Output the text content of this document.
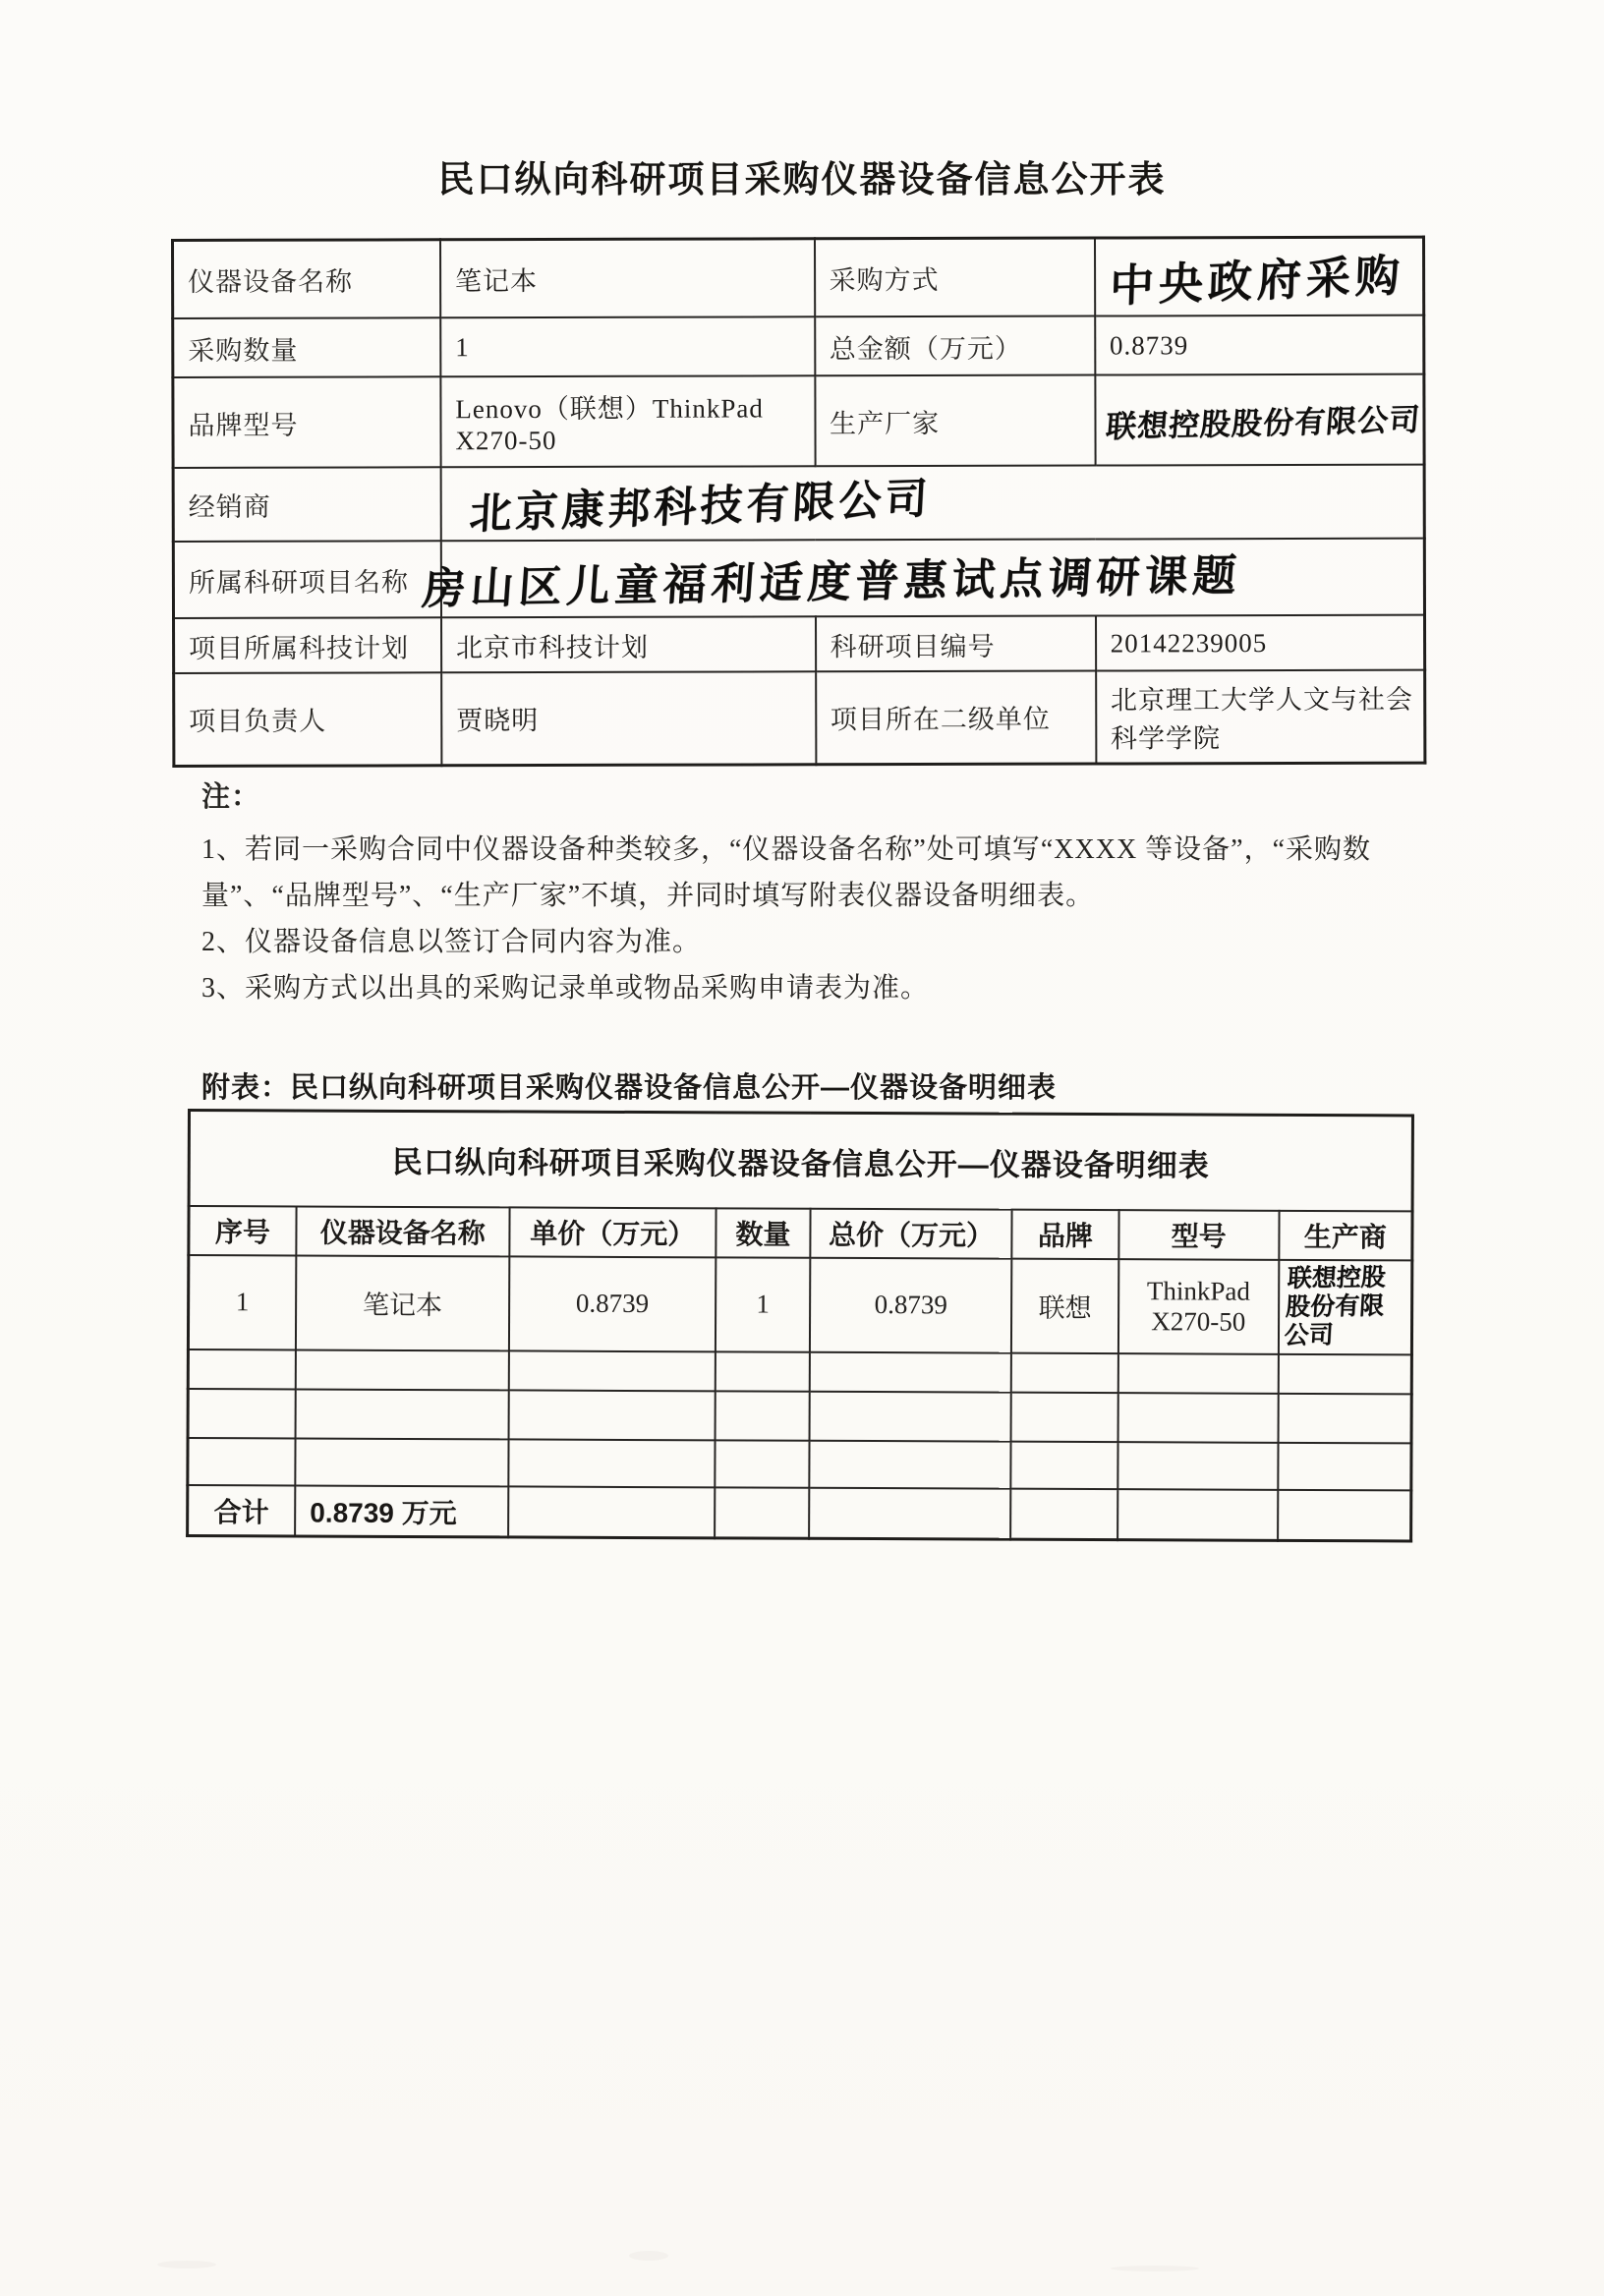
民口纵向科研项目采购仪器设备信息公开表
仪器设备名称	笔记本	采购方式	中央政府采购
采购数量	1	总金额（万元）	0.8739
品牌型号	Lenovo（联想）ThinkPad X270-50	生产厂家	联想控股股份有限公司
经销商	北京康邦科技有限公司		
所属科研项目名称	房山区儿童福利适度普惠试点调研课题		
项目所属科技计划	北京市科技计划	科研项目编号	20142239005
项目负责人	贾晓明	项目所在二级单位	北京理工大学人文与社会科学学院
注：

1、若同一采购合同中仪器设备种类较多，“仪器设备名称”处可填写“XXXX 等设备”，“采购数量”、“品牌型号”、“生产厂家”不填，并同时填写附表仪器设备明细表。

2、仪器设备信息以签订合同内容为准。

3、采购方式以出具的采购记录单或物品采购申请表为准。

附表：民口纵向科研项目采购仪器设备信息公开—仪器设备明细表
民口纵向科研项目采购仪器设备信息公开—仪器设备明细表							
序号	仪器设备名称	单价（万元）	数量	总价（万元）	品牌	型号	生产商
1	笔记本	0.8739	1	0.8739	联想	ThinkPad X270-50	联想控股股份有限公司

合计	0.8739 万元						
